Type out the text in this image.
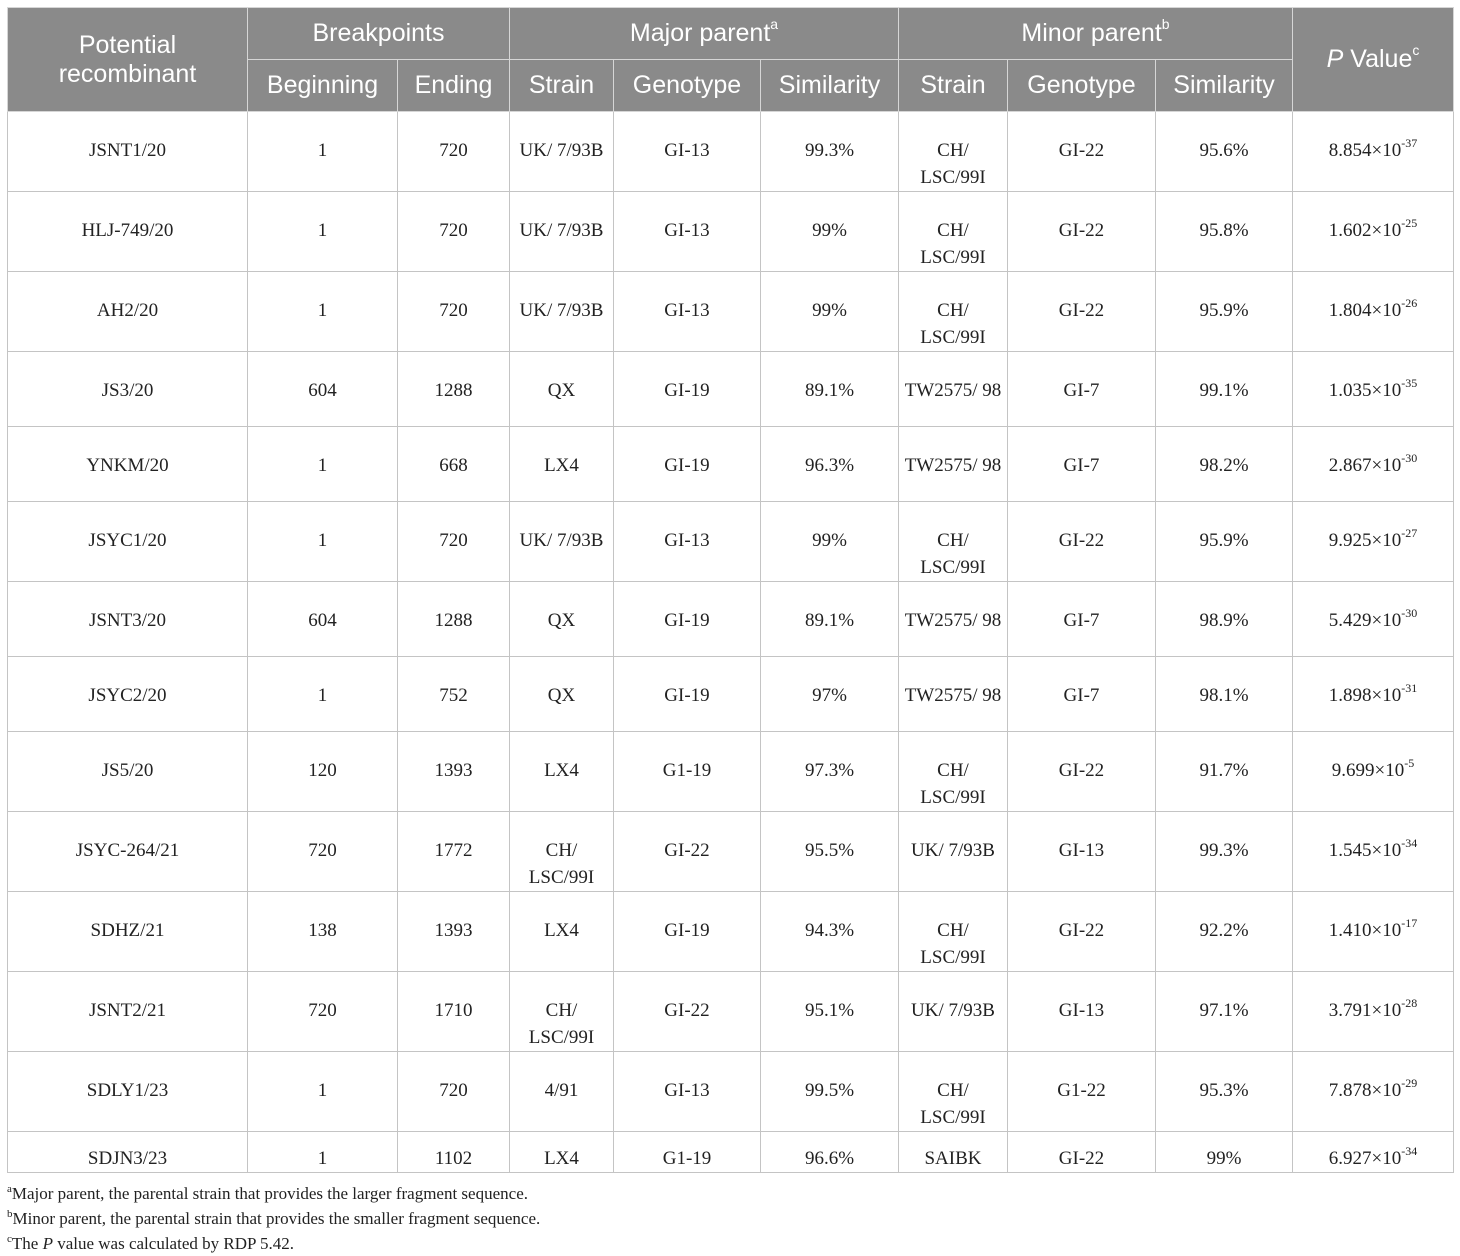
Potential recombinant	Breakpoints		Major parent$^a$			Minor parent$^b$			P Value$^c$
	Beginning	Ending	Strain	Genotype	Similarity	Strain	Genotype	Similarity	
JSNT1/20	1	720	UK/ 7/93B	GI-13	99.3%	CH/ LSC/99I	GI-22	95.6%	$8.854\times 10^{-37}$
HLJ-749/20	1	720	UK/ 7/93B	GI-13	99%	CH/ LSC/99I	GI-22	95.8%	$1.602\times 10^{-25}$
AH2/20	1	720	UK/ 7/93B	GI-13	99%	CH/ LSC/99I	GI-22	95.9%	$1.804\times 10^{-26}$
JS3/20	604	1288	QX	GI-19	89.1%	TW2575/ 98	GI-7	99.1%	$1.035\times 10^{-35}$
YNKM/20	1	668	LX4	GI-19	96.3%	TW2575/ 98	GI-7	98.2%	$2.867\times 10^{-30}$
JSYC1/20	1	720	UK/ 7/93B	GI-13	99%	CH/ LSC/99I	GI-22	95.9%	$9.925\times 10^{-27}$
JSNT3/20	604	1288	QX	GI-19	89.1%	TW2575/ 98	GI-7	98.9%	$5.429\times 10^{-30}$
JSYC2/20	1	752	QX	GI-19	97%	TW2575/ 98	GI-7	98.1%	$1.898\times 10^{-31}$
JS5/20	120	1393	LX4	G1-19	97.3%	CH/ LSC/99I	GI-22	91.7%	$9.699\times 10^{-5}$
JSYC-264/21	720	1772	CH/ LSC/99I	GI-22	95.5%	UK/ 7/93B	GI-13	99.3%	$1.545\times 10^{-34}$
SDHZ/21	138	1393	LX4	GI-19	94.3%	CH/ LSC/99I	GI-22	92.2%	$1.410\times 10^{-17}$
JSNT2/21	720	1710	CH/ LSC/99I	GI-22	95.1%	UK/ 7/93B	GI-13	97.1%	$3.791\times 10^{-28}$
SDLY1/23	1	720	4/91	GI-13	99.5%	CH/ LSC/99I	G1-22	95.3%	$7.878\times 10^{-29}$
SDJN3/23	1	1102	LX4	G1-19	96.6%	SAIBK	GI-22	99%	$6.927\times 10^{-34}$
$^a$Major parent, the parental strain that provides the larger fragment sequence.
$^b$Minor parent, the parental strain that provides the smaller fragment sequence.
$^c$The P value was calculated by RDP 5.42.
